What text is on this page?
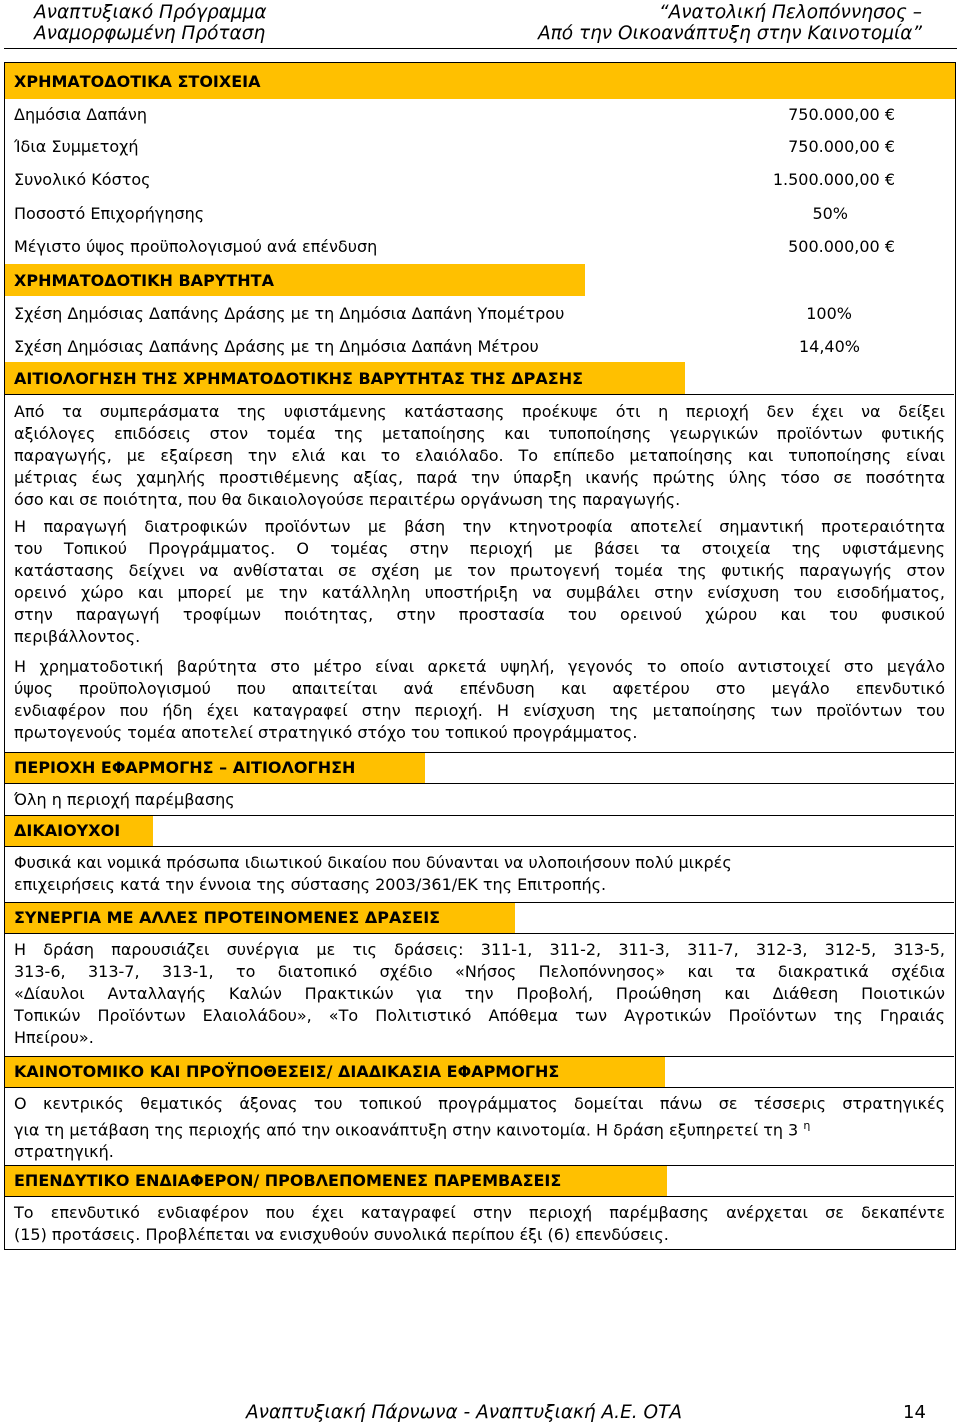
Αναπτυξιακό Πρόγραμμα
Αναμορφωμένη Πρόταση
“Ανατολική Πελοπόννησος –
Από την Οικοανάπτυξη στην Καινοτομία”
ΧΡΗΜΑΤΟΔΟΤΙΚΑ ΣΤΟΙΧΕΙΑ
Δημόσια Δαπάνη	750.000,00 €
Ίδια Συμμετοχή	750.000,00 €
Συνολικό Κόστος	1.500.000,00 €
Ποσοστό Επιχορήγησης	50%
Μέγιστο ύψος προϋπολογισμού ανά επένδυση	500.000,00 €
ΧΡΗΜΑΤΟΔΟΤΙΚΗ ΒΑΡΥΤΗΤΑ
Σχέση Δημόσιας Δαπάνης Δράσης με τη Δημόσια Δαπάνη Υπομέτρου	100%
Σχέση Δημόσιας Δαπάνης Δράσης με τη Δημόσια Δαπάνη Μέτρου	14,40%
ΑΙΤΙΟΛΟΓΗΣΗ ΤΗΣ ΧΡΗΜΑΤΟΔΟΤΙΚΗΣ ΒΑΡΥΤΗΤΑΣ ΤΗΣ ΔΡΑΣΗΣ
Από τα συμπεράσματα της υφιστάμενης κατάστασης προέκυψε ότι η περιοχή δεν έχει να δείξει
αξιόλογες επιδόσεις στον τομέα της μεταποίησης και τυποποίησης γεωργικών προϊόντων φυτικής
παραγωγής, με εξαίρεση την ελιά και το ελαιόλαδο. Το επίπεδο μεταποίησης και τυποποίησης είναι
μέτριας έως χαμηλής προστιθέμενης αξίας, παρά την ύπαρξη ικανής πρώτης ύλης τόσο σε ποσότητα
όσο και σε ποιότητα, που θα δικαιολογούσε περαιτέρω οργάνωση της παραγωγής.
Η παραγωγή διατροφικών προϊόντων με βάση την κτηνοτροφία αποτελεί σημαντική προτεραιότητα
του Τοπικού Προγράμματος. Ο τομέας στην περιοχή με βάσει τα στοιχεία της υφιστάμενης
κατάστασης δείχνει να ανθίσταται σε σχέση με τον πρωτογενή τομέα της φυτικής παραγωγής στον
ορεινό χώρο και μπορεί με την κατάλληλη υποστήριξη να συμβάλει στην ενίσχυση του εισοδήματος,
στην παραγωγή τροφίμων ποιότητας, στην προστασία του ορεινού χώρου και του φυσικού
περιβάλλοντος.
Η χρηματοδοτική βαρύτητα στο μέτρο είναι αρκετά υψηλή, γεγονός το οποίο αντιστοιχεί στο μεγάλο
ύψος προϋπολογισμού που απαιτείται ανά επένδυση και αφετέρου στο μεγάλο επενδυτικό
ενδιαφέρον που ήδη έχει καταγραφεί στην περιοχή. Η ενίσχυση της μεταποίησης των προϊόντων του
πρωτογενούς τομέα αποτελεί στρατηγικό στόχο του τοπικού προγράμματος.
ΠΕΡΙΟΧΗ ΕΦΑΡΜΟΓΗΣ – ΑΙΤΙΟΛΟΓΗΣΗ
Όλη η περιοχή παρέμβασης
ΔΙΚΑΙΟΥΧΟΙ
Φυσικά και νομικά πρόσωπα ιδιωτικού δικαίου που δύνανται να υλοποιήσουν πολύ μικρές
επιχειρήσεις κατά την έννοια της σύστασης 2003/361/ΕΚ της Επιτροπής.
ΣΥΝΕΡΓΙΑ ΜΕ ΑΛΛΕΣ ΠΡΟΤΕΙΝΟΜΕΝΕΣ ΔΡΑΣΕΙΣ
Η δράση παρουσιάζει συνέργια με τις δράσεις: 311-1, 311-2, 311-3, 311-7, 312-3, 312-5, 313-5,
313-6, 313-7, 313-1, το διατοπικό σχέδιο «Νήσος Πελοπόννησος» και τα διακρατικά σχέδια
«Δίαυλοι Ανταλλαγής Καλών Πρακτικών για την Προβολή, Προώθηση και Διάθεση Ποιοτικών
Τοπικών Προϊόντων Ελαιολάδου», «Το Πολιτιστικό Απόθεμα των Αγροτικών Προϊόντων της Γηραιάς
Ηπείρου».
ΚΑΙΝΟΤΟΜΙΚΟ ΚΑΙ ΠΡΟΫΠΟΘΕΣΕΙΣ/ ΔΙΑΔΙΚΑΣΙΑ ΕΦΑΡΜΟΓΗΣ
Ο κεντρικός θεματικός άξονας του τοπικού προγράμματος δομείται πάνω σε τέσσερις στρατηγικές
για τη μετάβαση της περιοχής από την οικοανάπτυξη στην καινοτομία. Η δράση εξυπηρετεί τη 3 $^\eta$
στρατηγική.
ΕΠΕΝΔΥΤΙΚΟ ΕΝΔΙΑΦΕΡΟΝ/ ΠΡΟΒΛΕΠΟΜΕΝΕΣ ΠΑΡΕΜΒΑΣΕΙΣ
Το επενδυτικό ενδιαφέρον που έχει καταγραφεί στην περιοχή παρέμβασης ανέρχεται σε δεκαπέντε
(15) προτάσεις. Προβλέπεται να ενισχυθούν συνολικά περίπου έξι (6) επενδύσεις.
Αναπτυξιακή Πάρνωνα - Αναπτυξιακή Α.Ε. ΟΤΑ	14
